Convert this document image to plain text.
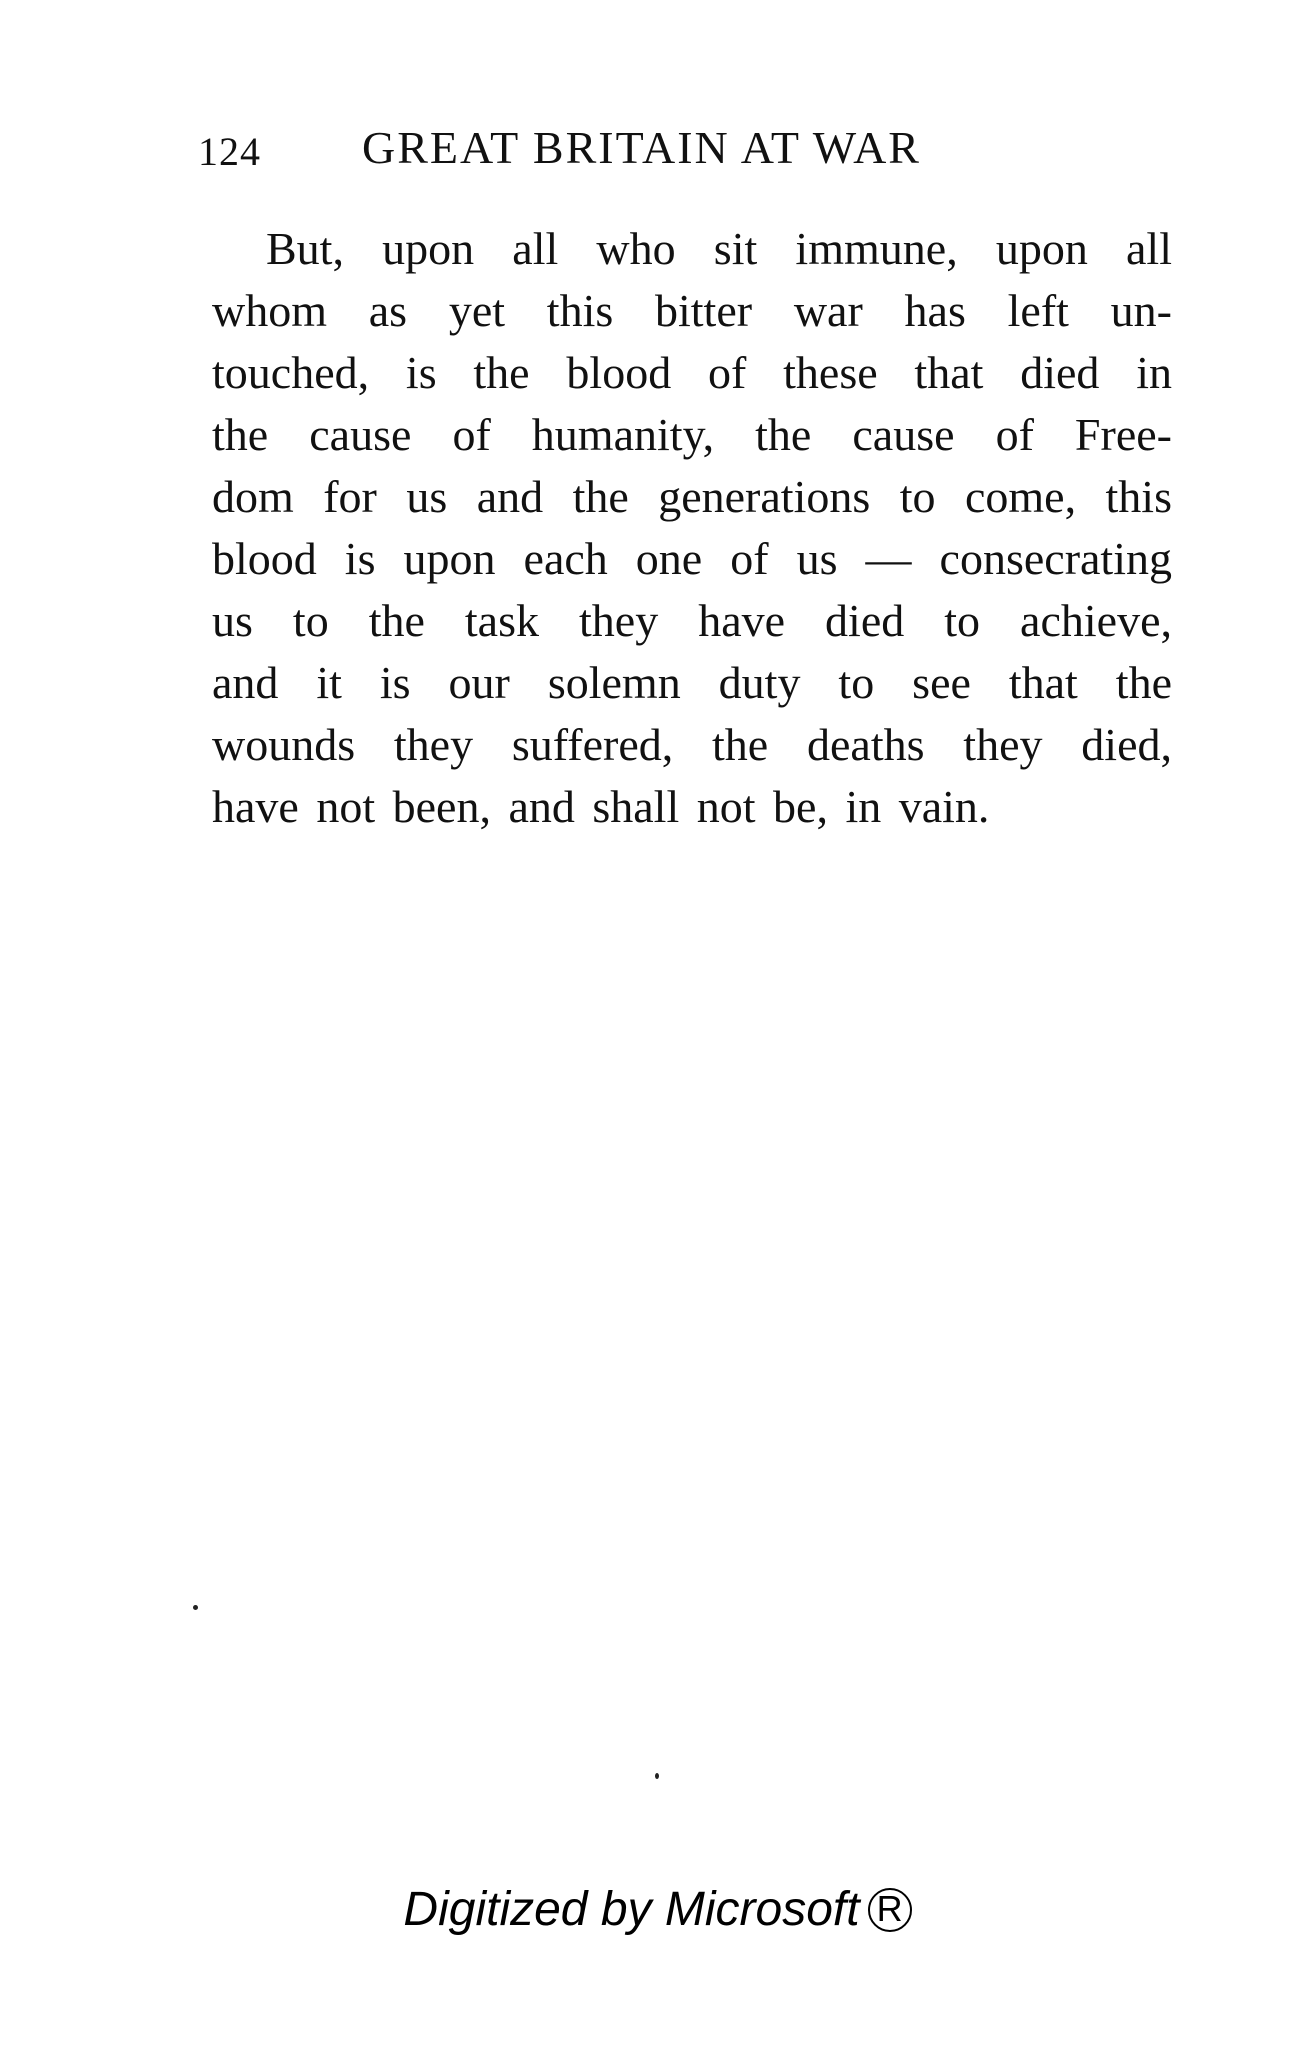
124 GREAT BRITAIN AT WAR
But, upon all who sit immune, upon all
whom as yet this bitter war has left un-
touched, is the blood of these that died in
the cause of humanity, the cause of Free-
dom for us and the generations to come, this
blood is upon each one of us — consecrating
us to the task they have died to achieve,
and it is our solemn duty to see that the
wounds they suffered, the deaths they died,
have not been, and shall not be, in vain.
Digitized by Microsoft R
